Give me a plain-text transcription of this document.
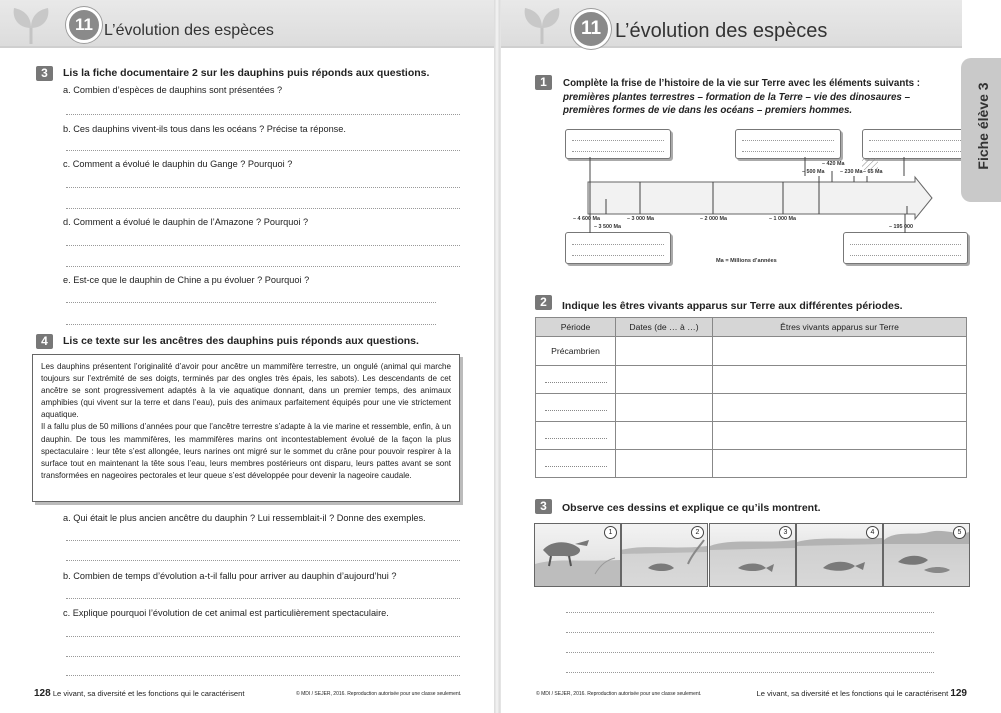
11 L’évolution des espèces
3	Lis la fiche documentaire 2 sur les dauphins puis réponds aux questions.
a. Combien d’espèces de dauphins sont présentées ?
b. Ces dauphins vivent-ils tous dans les océans ? Précise ta réponse.
c. Comment a évolué le dauphin du Gange ? Pourquoi ?
d. Comment a évolué le dauphin de l’Amazone ? Pourquoi ?
e. Est-ce que le dauphin de Chine a pu évoluer ? Pourquoi ?
4	Lis ce texte sur les ancêtres des dauphins puis réponds aux questions.
Les dauphins présentent l’originalité d’avoir pour ancêtre un mammifère terrestre, un ongulé (animal qui marche toujours sur l’extrémité de ses doigts, terminés par des ongles très épais, les sabots). Les descendants de cet ancêtre se sont progressivement adaptés à la vie aquatique donnant, dans un premier temps, des animaux amphibies (qui vivent sur la terre et dans l’eau), puis des animaux parfaitement équipés pour une vie strictement aquatique.
Il a fallu plus de 50 millions d’années pour que l’ancêtre terrestre s’adapte à la vie marine et ressemble, enfin, à un dauphin. De tous les mammifères, les mammifères marins ont incontestablement évolué de la façon la plus spectaculaire : leur tête s’est allongée, leurs narines ont migré sur le sommet du crâne pour pouvoir respirer à la surface tout en maintenant la tête sous l’eau, leurs membres postérieurs ont disparu, leurs pattes avant se sont transformées en nageoires pectorales et leur queue s’est développée pour devenir la nageoire caudale.
a. Qui était le plus ancien ancêtre du dauphin ? Lui ressemblait-il ? Donne des exemples.
b. Combien de temps d’évolution a-t-il fallu pour arriver au dauphin d’aujourd’hui ?
c. Explique pourquoi l’évolution de cet animal est particulièrement spectaculaire.
128 Le vivant, sa diversité et les fonctions qui le caractérisent	© MDI / SEJER, 2016. Reproduction autorisée pour une classe seulement.
11 L’évolution des espèces
1	Complète la frise de l’histoire de la vie sur Terre avec les éléments suivants :
premières plantes terrestres – formation de la Terre – vie des dinosaures – premières formes de vie dans les océans – premiers hommes.
– 4 600 Ma
– 3 500 Ma
– 3 000 Ma	– 2 000 Ma	– 1 000 Ma
– 195 000
– 420 Ma
– 500 Ma	– 230 Ma – 65 Ma
Ma = Millions d’années
2	Indique les êtres vivants apparus sur Terre aux différentes périodes.
Période	Dates (de … à …)	Êtres vivants apparus sur Terre
Précambrien		

3	Observe ces dessins et explique ce qu’ils montrent.
1	2	3	4	5
Fiche élève 3
© MDI / SEJER, 2016. Reproduction autorisée pour une classe seulement.	Le vivant, sa diversité et les fonctions qui le caractérisent 129
